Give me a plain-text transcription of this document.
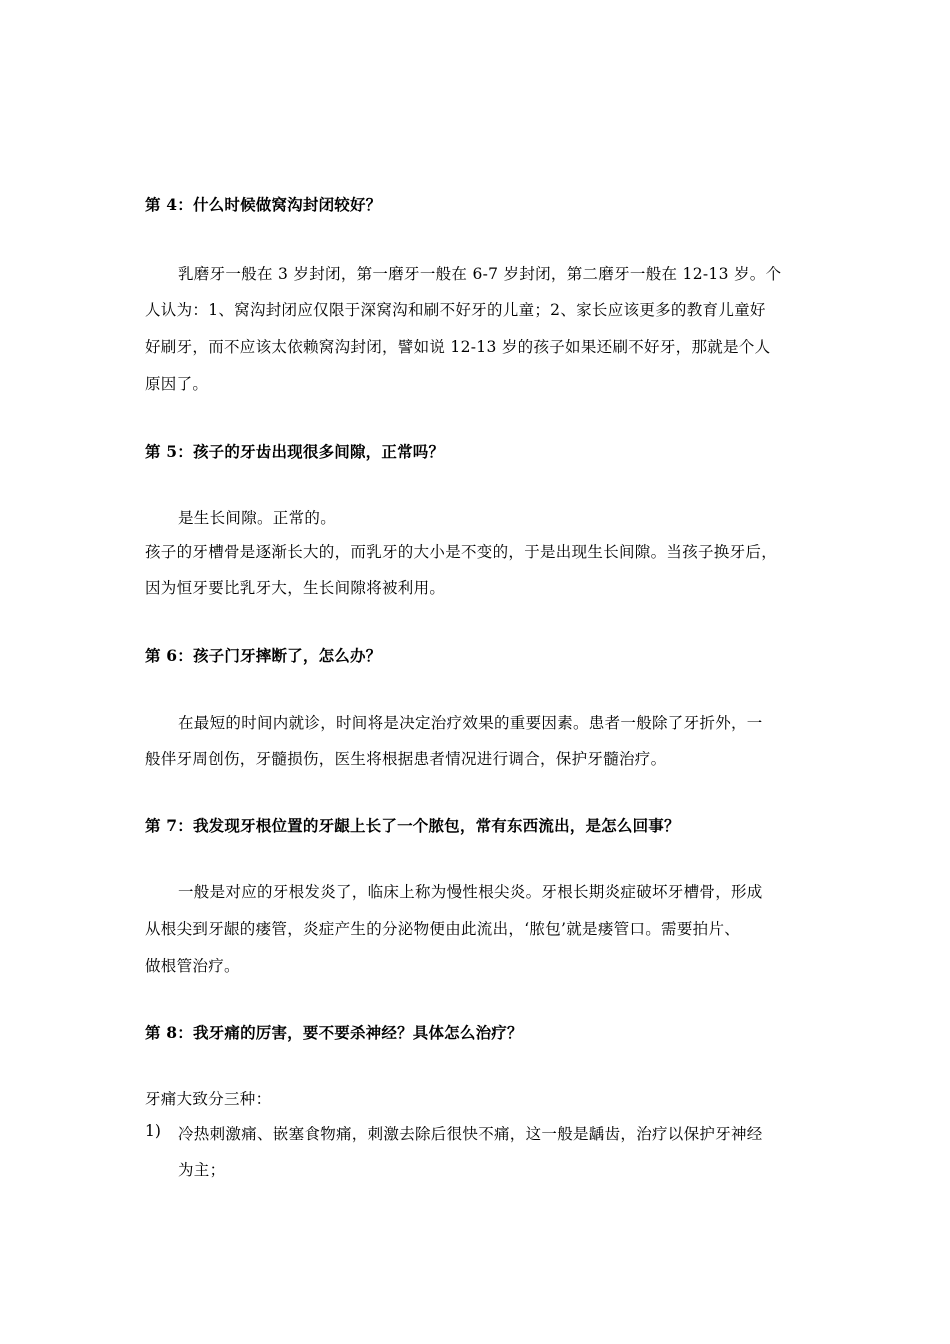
第 4：什么时候做窝沟封闭较好？
乳磨牙一般在 3 岁封闭，第一磨牙一般在 6-7 岁封闭，第二磨牙一般在 12-13 岁。个
人认为：1、窝沟封闭应仅限于深窝沟和刷不好牙的儿童；2、家长应该更多的教育儿童好
好刷牙，而不应该太依赖窝沟封闭，譬如说 12-13 岁的孩子如果还刷不好牙，那就是个人
原因了。
第 5：孩子的牙齿出现很多间隙，正常吗？
是生长间隙。正常的。
孩子的牙槽骨是逐渐长大的，而乳牙的大小是不变的，于是出现生长间隙。当孩子换牙后，
因为恒牙要比乳牙大，生长间隙将被利用。
第 6：孩子门牙摔断了，怎么办？
在最短的时间内就诊，时间将是决定治疗效果的重要因素。患者一般除了牙折外，一
般伴牙周创伤，牙髓损伤，医生将根据患者情况进行调合，保护牙髓治疗。
第 7：我发现牙根位置的牙龈上长了一个脓包，常有东西流出，是怎么回事？
一般是对应的牙根发炎了，临床上称为慢性根尖炎。牙根长期炎症破坏牙槽骨，形成
从根尖到牙龈的瘘管，炎症产生的分泌物便由此流出，‘脓包’就是瘘管口。需要拍片、
做根管治疗。
第 8：我牙痛的厉害，要不要杀神经？具体怎么治疗？
牙痛大致分三种：
1) 冷热刺激痛、嵌塞食物痛，刺激去除后很快不痛，这一般是龋齿，治疗以保护牙神经
为主；
